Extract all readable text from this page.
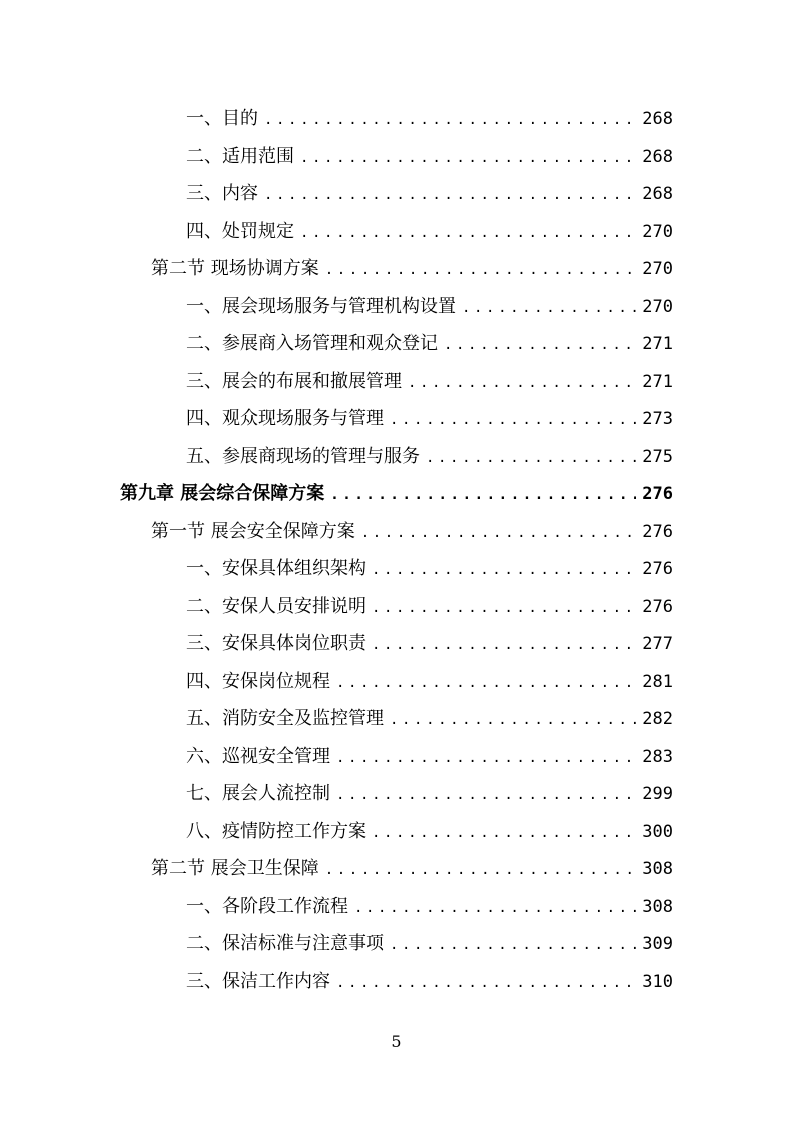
一、目的 .....	268
二、适用范围 .....	268
三、内容 .....	268
四、处罚规定 .....	270
第二节 现场协调方案 .....	270
一、展会现场服务与管理机构设置 .....	270
二、参展商入场管理和观众登记 .....	271
三、展会的布展和撤展管理 .....	271
四、观众现场服务与管理 .....	273
五、参展商现场的管理与服务 .....	275
第九章 展会综合保障方案 .....	276
第一节 展会安全保障方案 .....	276
一、安保具体组织架构 .....	276
二、安保人员安排说明 .....	276
三、安保具体岗位职责 .....	277
四、安保岗位规程 .....	281
五、消防安全及监控管理 .....	282
六、巡视安全管理 .....	283
七、展会人流控制 .....	299
八、疫情防控工作方案 .....	300
第二节 展会卫生保障 .....	308
一、各阶段工作流程 .....	308
二、保洁标准与注意事项 .....	309
三、保洁工作内容 .....	310
5
